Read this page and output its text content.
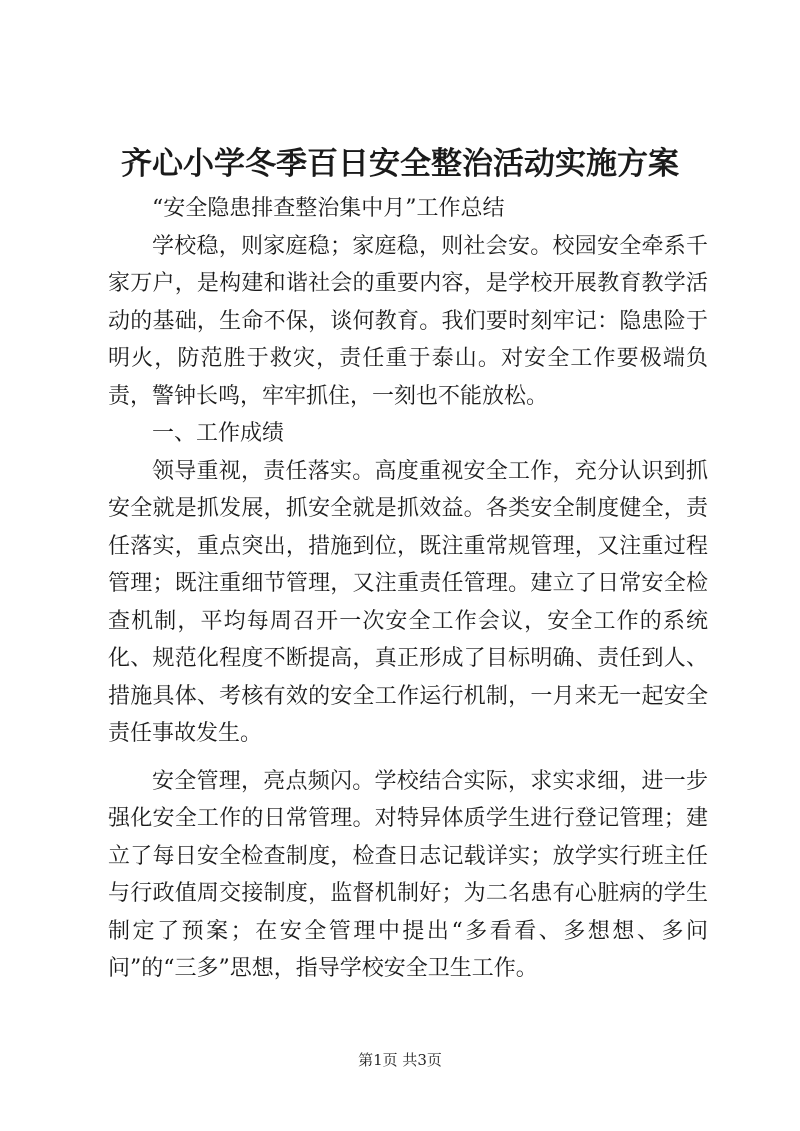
齐心小学冬季百日安全整治活动实施方案

“安全隐患排查整治集中月”工作总结

学校稳，则家庭稳；家庭稳，则社会安。校园安全牵系千家万户，是构建和谐社会的重要内容，是学校开展教育教学活动的基础，生命不保，谈何教育。我们要时刻牢记：隐患险于明火，防范胜于救灾，责任重于泰山。对安全工作要极端负责，警钟长鸣，牢牢抓住，一刻也不能放松。

一、工作成绩

领导重视，责任落实。高度重视安全工作，充分认识到抓安全就是抓发展，抓安全就是抓效益。各类安全制度健全，责任落实，重点突出，措施到位，既注重常规管理，又注重过程管理；既注重细节管理，又注重责任管理。建立了日常安全检查机制，平均每周召开一次安全工作会议，安全工作的系统化、规范化程度不断提高，真正形成了目标明确、责任到人、措施具体、考核有效的安全工作运行机制，一月来无一起安全责任事故发生。

安全管理，亮点频闪。学校结合实际，求实求细，进一步强化安全工作的日常管理。对特异体质学生进行登记管理；建立了每日安全检查制度，检查日志记载详实；放学实行班主任与行政值周交接制度，监督机制好；为二名患有心脏病的学生制定了预案；在安全管理中提出“多看看、多想想、多问问”的“三多”思想，指导学校安全卫生工作。

第1页 共3页
